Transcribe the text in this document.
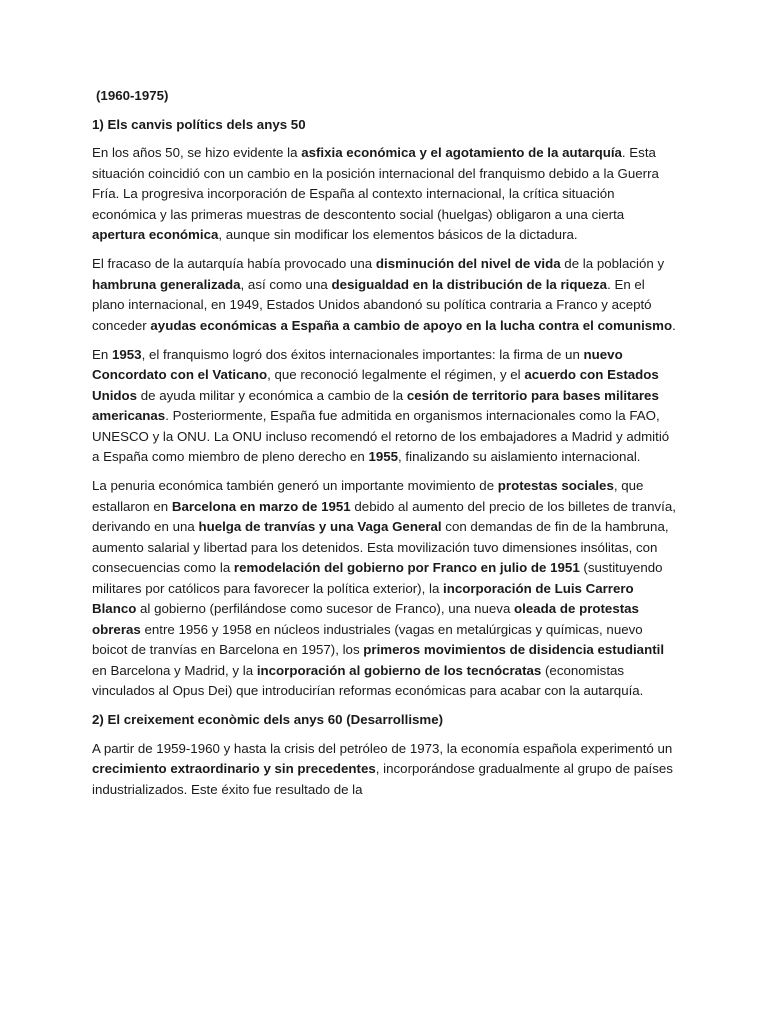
(1960-1975)
1) Els canvis polítics dels anys 50

En los años 50, se hizo evidente la asfixia económica y el agotamiento de la autarquía. Esta situación coincidió con un cambio en la posición internacional del franquismo debido a la Guerra Fría. La progresiva incorporación de España al contexto internacional, la crítica situación económica y las primeras muestras de descontento social (huelgas) obligaron a una cierta apertura económica, aunque sin modificar los elementos básicos de la dictadura.

El fracaso de la autarquía había provocado una disminución del nivel de vida de la población y hambruna generalizada, así como una desigualdad en la distribución de la riqueza. En el plano internacional, en 1949, Estados Unidos abandonó su política contraria a Franco y aceptó conceder ayudas económicas a España a cambio de apoyo en la lucha contra el comunismo.

En 1953, el franquismo logró dos éxitos internacionales importantes: la firma de un nuevo Concordato con el Vaticano, que reconoció legalmente el régimen, y el acuerdo con Estados Unidos de ayuda militar y económica a cambio de la cesión de territorio para bases militares americanas. Posteriormente, España fue admitida en organismos internacionales como la FAO, UNESCO y la ONU. La ONU incluso recomendó el retorno de los embajadores a Madrid y admitió a España como miembro de pleno derecho en 1955, finalizando su aislamiento internacional.

La penuria económica también generó un importante movimiento de protestas sociales, que estallaron en Barcelona en marzo de 1951 debido al aumento del precio de los billetes de tranvía, derivando en una huelga de tranvías y una Vaga General con demandas de fin de la hambruna, aumento salarial y libertad para los detenidos. Esta movilización tuvo dimensiones insólitas, con consecuencias como la remodelación del gobierno por Franco en julio de 1951 (sustituyendo militares por católicos para favorecer la política exterior), la incorporación de Luis Carrero Blanco al gobierno (perfilándose como sucesor de Franco), una nueva oleada de protestas obreras entre 1956 y 1958 en núcleos industriales (vagas en metalúrgicas y químicas, nuevo boicot de tranvías en Barcelona en 1957), los primeros movimientos de disidencia estudiantil en Barcelona y Madrid, y la incorporación al gobierno de los tecnócratas (economistas vinculados al Opus Dei) que introducirían reformas económicas para acabar con la autarquía.

2) El creixement econòmic dels anys 60 (Desarrollisme)

A partir de 1959-1960 y hasta la crisis del petróleo de 1973, la economía española experimentó un crecimiento extraordinario y sin precedentes, incorporándose gradualmente al grupo de países industrializados. Este éxito fue resultado de la
